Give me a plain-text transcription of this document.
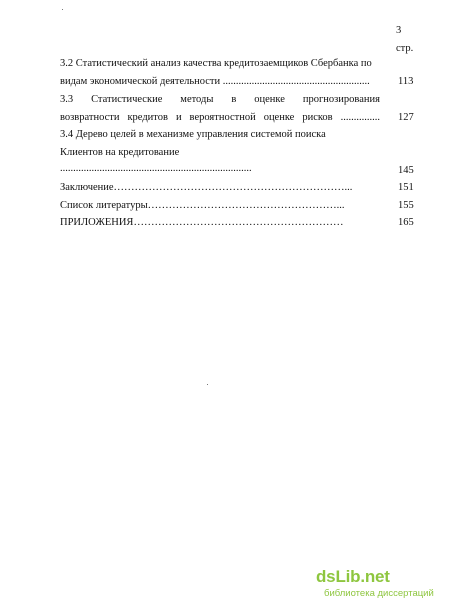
3
стр.
3.2 Статистический анализ качества кредитозаемщиков Сбербанка по
видам экономической деятельности ........................................................	113
3.3 Статистические методы в оценке прогнозирования
возвратности кредитов и вероятностной оценке рисков ............... 127
3.4 Дерево целей в механизме управления системой поиска
Клиентов на кредитование
.........................................................................	145
Заключение…………………………………………………………...	151
Список литературы………………………………………………...	155
ПРИЛОЖЕНИЯ……………………………………………………	165
dsLib.net
библиотека диссертаций
